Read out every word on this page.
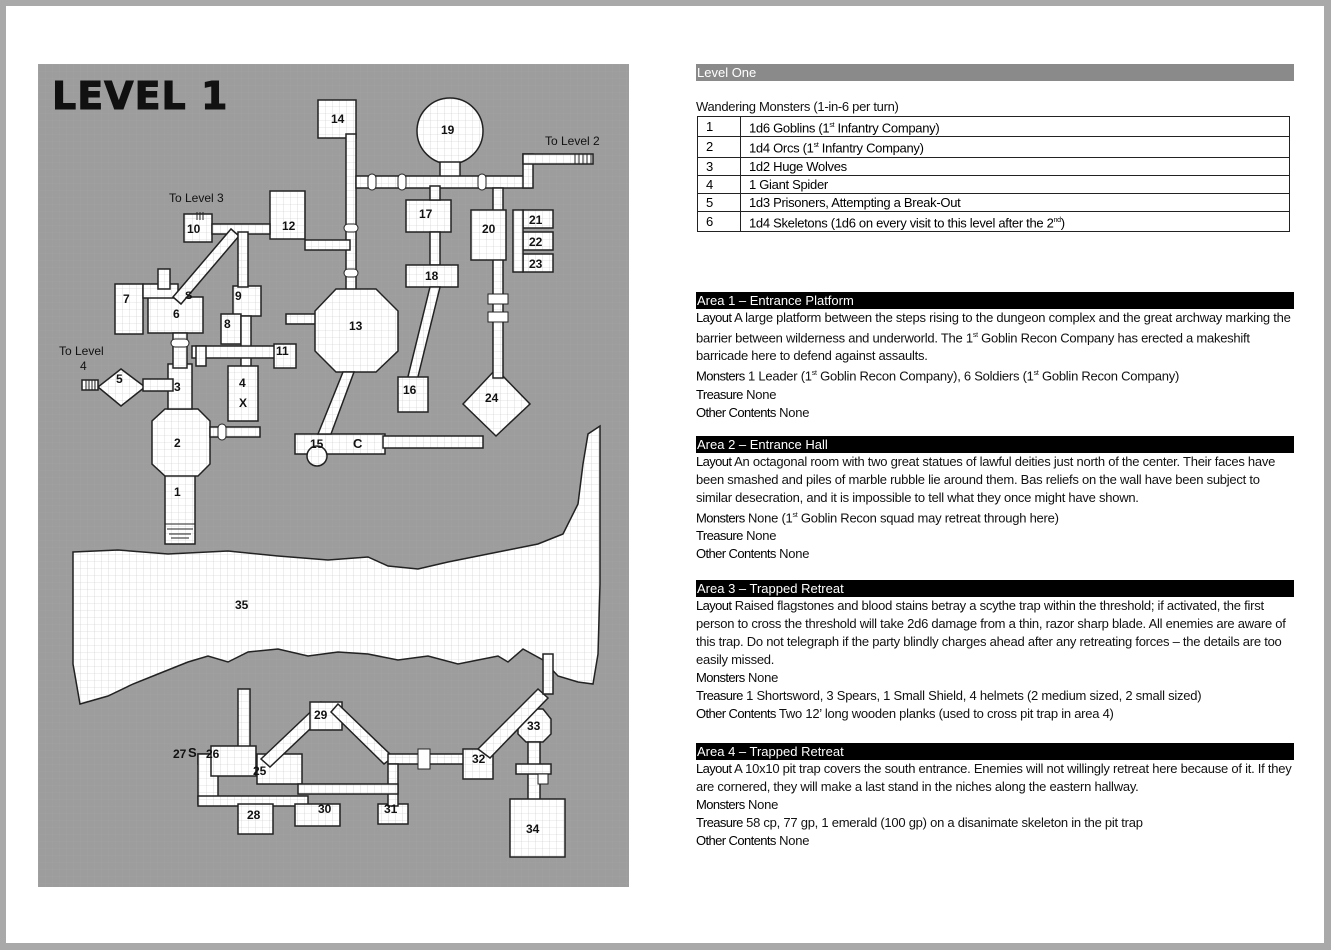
LEVEL 1
To Level 2
To Level 3
To Level
4
1
2
3	4
5
6
7
8
9
10
11
12
13
14
15
16
17
18
19
20
21
22
23
24
25
26
27
28
29
30	31
32
33
34
35
X
S
S
C
Level One
Wandering Monsters (1-in-6 per turn)
1	1d6 Goblins (1st Infantry Company)
2	1d4 Orcs (1st Infantry Company)
3	1d2 Huge Wolves
4	1 Giant Spider
5	1d3 Prisoners, Attempting a Break-Out
6	1d4 Skeletons (1d6 on every visit to this level after the 2nd)
Area 1 – Entrance Platform
Layout A large platform between the steps rising to the dungeon complex and the great archway marking the barrier between wilderness and underworld. The 1st Goblin Recon Company has erected a makeshift barricade here to defend against assaults.
Monsters 1 Leader (1st Goblin Recon Company), 6 Soldiers (1st Goblin Recon Company)
Treasure None
Other Contents None
Area 2 – Entrance Hall
Layout An octagonal room with two great statues of lawful deities just north of the center. Their faces have been smashed and piles of marble rubble lie around them. Bas reliefs on the wall have been subject to similar desecration, and it is impossible to tell what they once might have shown.
Monsters None (1st Goblin Recon squad may retreat through here)
Treasure None
Other Contents None
Area 3 – Trapped Retreat
Layout Raised flagstones and blood stains betray a scythe trap within the threshold; if activated, the first person to cross the threshold will take 2d6 damage from a thin, razor sharp blade. All enemies are aware of this trap. Do not telegraph if the party blindly charges ahead after any retreating forces – the details are too easily missed.
Monsters None
Treasure 1 Shortsword, 3 Spears, 1 Small Shield, 4 helmets (2 medium sized, 2 small sized)
Other Contents Two 12’ long wooden planks (used to cross pit trap in area 4)
Area 4 – Trapped Retreat
Layout A 10x10 pit trap covers the south entrance. Enemies will not willingly retreat here because of it. If they are cornered, they will make a last stand in the niches along the eastern hallway.
Monsters None
Treasure 58 cp, 77 gp, 1 emerald (100 gp) on a disanimate skeleton in the pit trap
Other Contents None
